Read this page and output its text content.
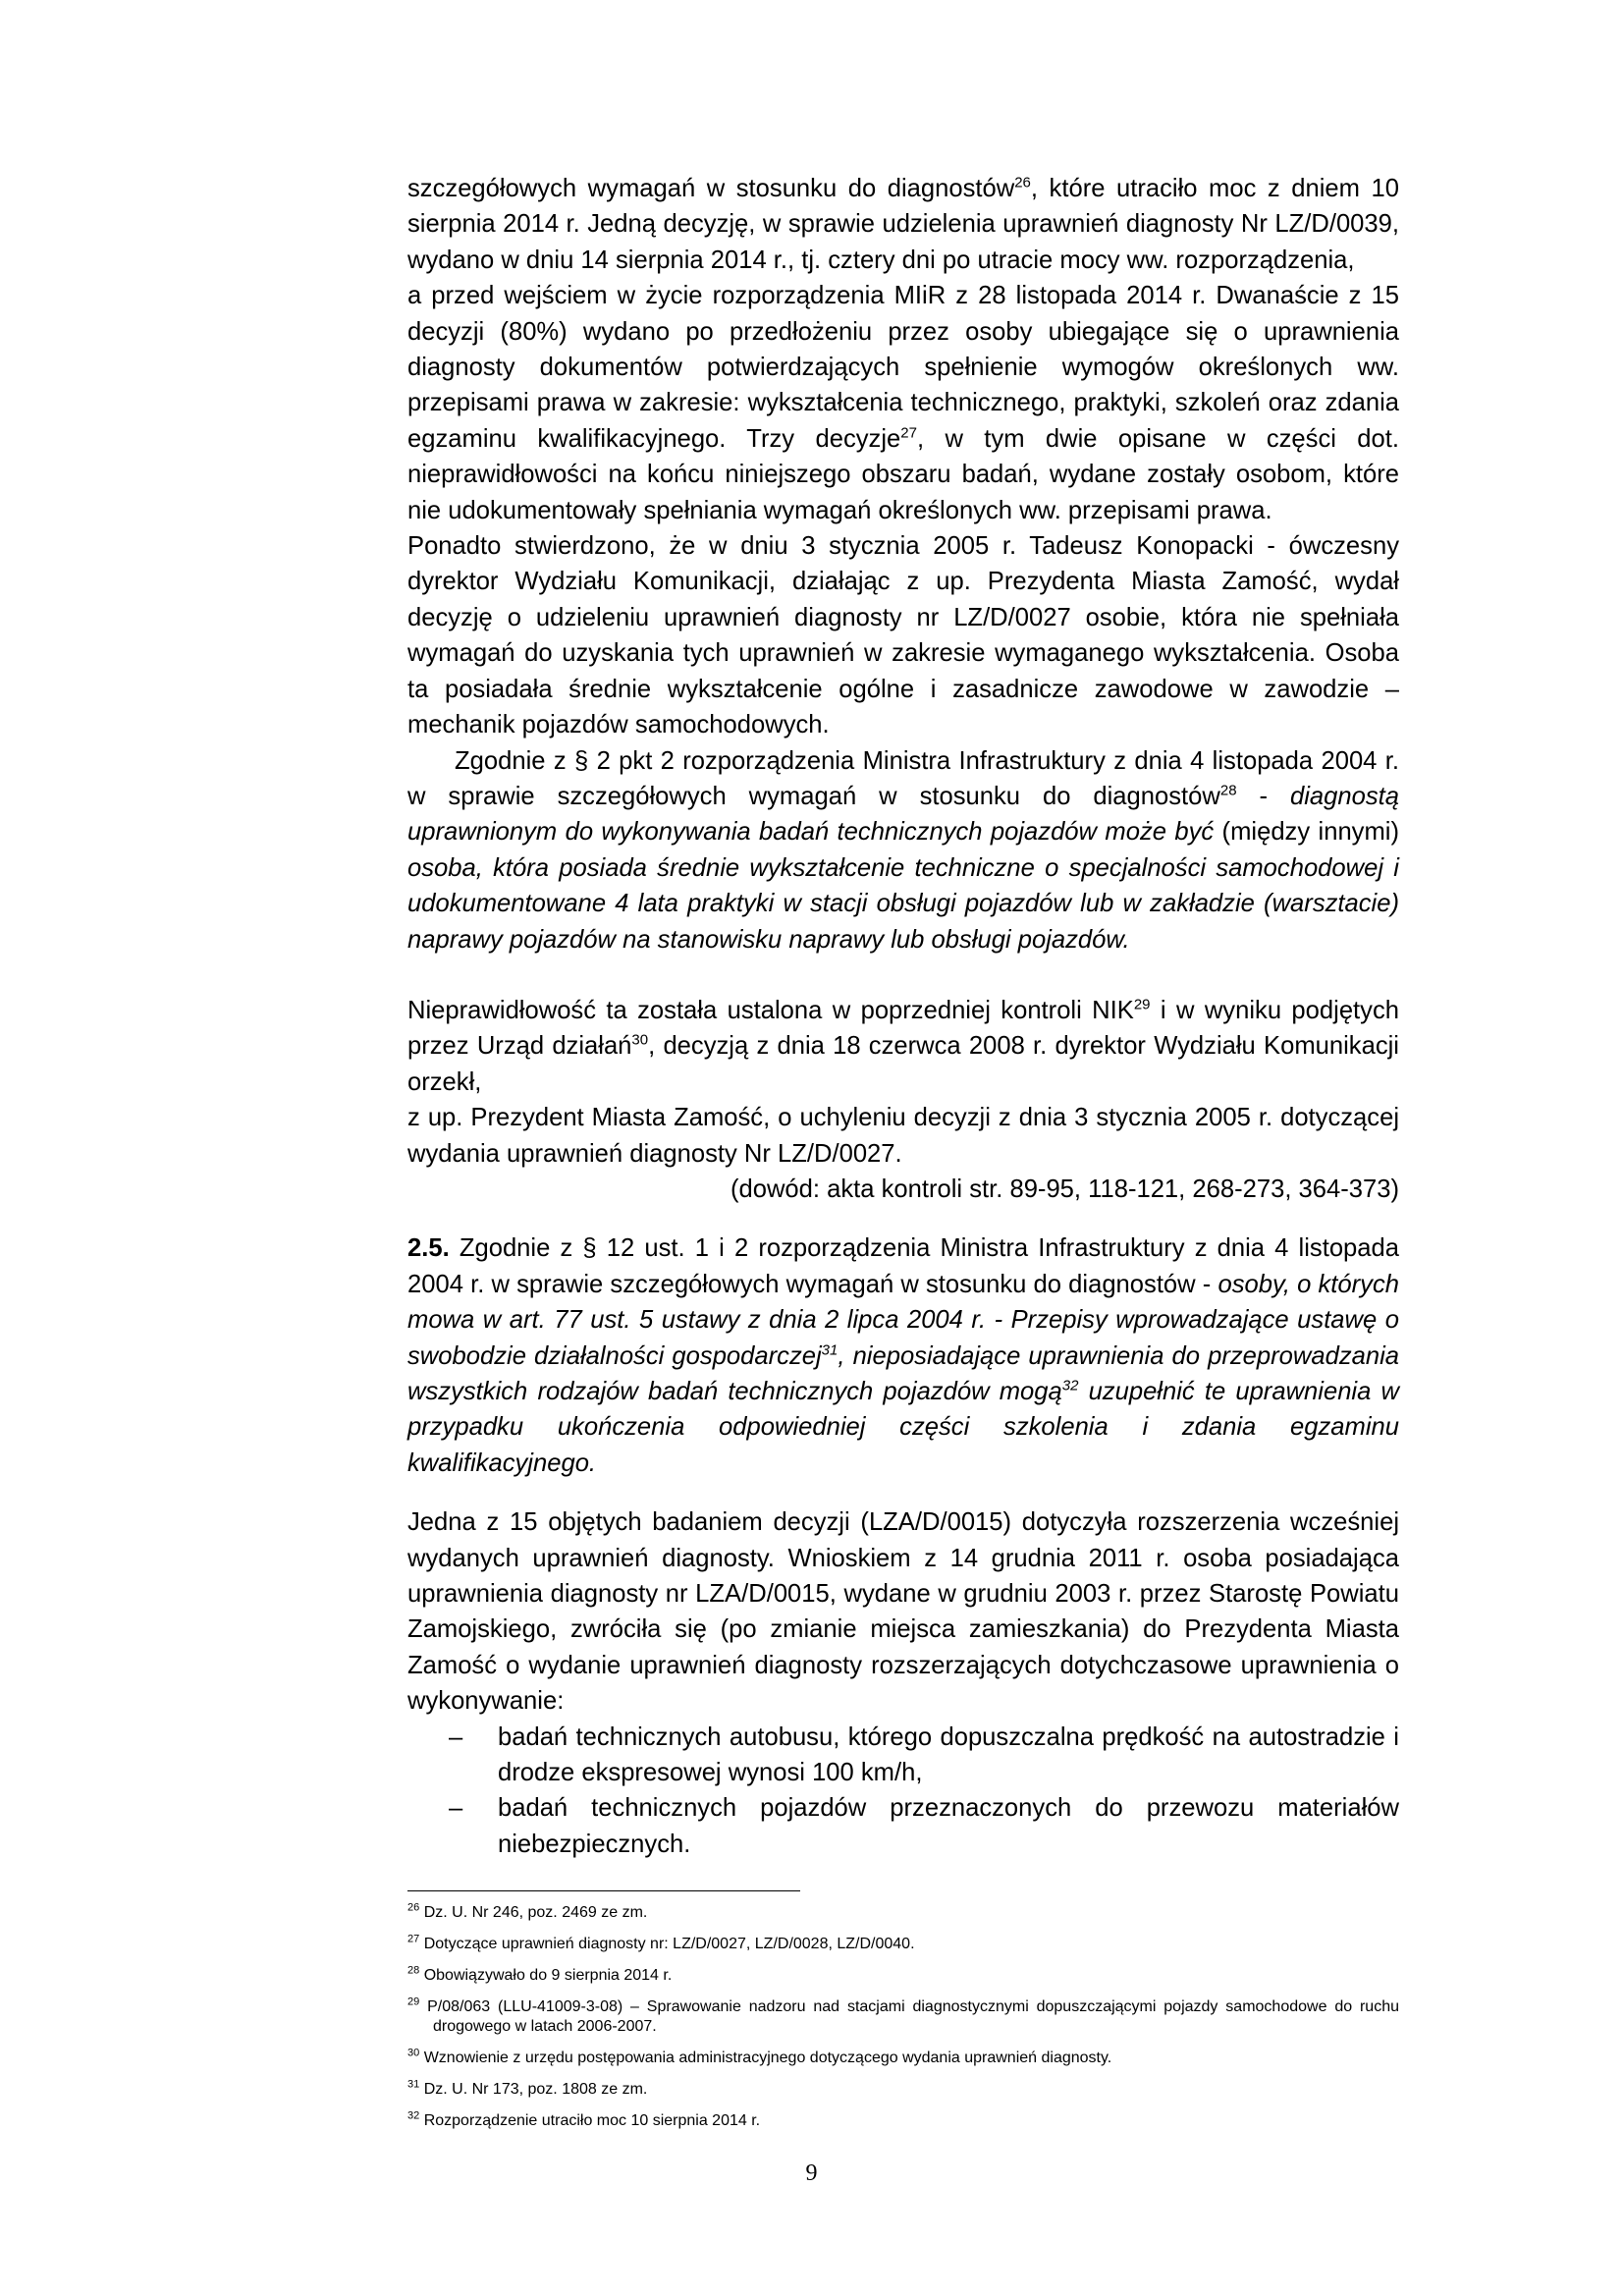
szczegółowych wymagań w stosunku do diagnostów$^{26}$, które utraciło moc z dniem 10 sierpnia 2014 r. Jedną decyzję, w sprawie udzielenia uprawnień diagnosty Nr LZ/D/0039, wydano w dniu 14 sierpnia 2014 r., tj. cztery dni po utracie mocy ww. rozporządzenia,

a przed wejściem w życie rozporządzenia MIiR z 28 listopada 2014 r. Dwanaście z 15 decyzji (80%) wydano po przedłożeniu przez osoby ubiegające się o uprawnienia diagnosty dokumentów potwierdzających spełnienie wymogów określonych ww. przepisami prawa w zakresie: wykształcenia technicznego, praktyki, szkoleń oraz zdania egzaminu kwalifikacyjnego. Trzy decyzje$^{27}$, w tym dwie opisane w części dot. nieprawidłowości na końcu niniejszego obszaru badań, wydane zostały osobom, które nie udokumentowały spełniania wymagań określonych ww. przepisami prawa.

Ponadto stwierdzono, że w dniu 3 stycznia 2005 r. Tadeusz Konopacki - ówczesny dyrektor Wydziału Komunikacji, działając z up. Prezydenta Miasta Zamość, wydał decyzję o udzieleniu uprawnień diagnosty nr LZ/D/0027 osobie, która nie spełniała wymagań do uzyskania tych uprawnień w zakresie wymaganego wykształcenia. Osoba ta posiadała średnie wykształcenie ogólne i zasadnicze zawodowe w zawodzie – mechanik pojazdów samochodowych.

Zgodnie z § 2 pkt 2 rozporządzenia Ministra Infrastruktury z dnia 4 listopada 2004 r. w sprawie szczegółowych wymagań w stosunku do diagnostów$^{28}$ - diagnostą uprawnionym do wykonywania badań technicznych pojazdów może być (między innymi) osoba, która posiada średnie wykształcenie techniczne o specjalności samochodowej i udokumentowane 4 lata praktyki w stacji obsługi pojazdów lub w zakładzie (warsztacie) naprawy pojazdów na stanowisku naprawy lub obsługi pojazdów.

Nieprawidłowość ta została ustalona w poprzedniej kontroli NIK$^{29}$ i w wyniku podjętych przez Urząd działań$^{30}$, decyzją z dnia 18 czerwca 2008 r. dyrektor Wydziału Komunikacji orzekł,

z up. Prezydent Miasta Zamość, o uchyleniu decyzji z dnia 3 stycznia 2005 r. dotyczącej wydania uprawnień diagnosty Nr LZ/D/0027.

(dowód: akta kontroli str. 89-95, 118-121, 268-273, 364-373)

2.5. Zgodnie z § 12 ust. 1 i 2 rozporządzenia Ministra Infrastruktury z dnia 4 listopada 2004 r. w sprawie szczegółowych wymagań w stosunku do diagnostów - osoby, o których mowa w art. 77 ust. 5 ustawy z dnia 2 lipca 2004 r. - Przepisy wprowadzające ustawę o swobodzie działalności gospodarczej$^{31}$, nieposiadające uprawnienia do przeprowadzania wszystkich rodzajów badań technicznych pojazdów mogą$^{32}$ uzupełnić te uprawnienia w przypadku ukończenia odpowiedniej części szkolenia i zdania egzaminu kwalifikacyjnego.

Jedna z 15 objętych badaniem decyzji (LZA/D/0015) dotyczyła rozszerzenia wcześniej wydanych uprawnień diagnosty. Wnioskiem z 14 grudnia 2011 r. osoba posiadająca uprawnienia diagnosty nr LZA/D/0015, wydane w grudniu 2003 r. przez Starostę Powiatu Zamojskiego, zwróciła się (po zmianie miejsca zamieszkania) do Prezydenta Miasta Zamość o wydanie uprawnień diagnosty rozszerzających dotychczasowe uprawnienia o wykonywanie:

– badań technicznych autobusu, którego dopuszczalna prędkość na autostradzie i drodze ekspresowej wynosi 100 km/h,
– badań technicznych pojazdów przeznaczonych do przewozu materiałów niebezpiecznych.

$^{26}$ Dz. U. Nr 246, poz. 2469 ze zm.

$^{27}$ Dotyczące uprawnień diagnosty nr: LZ/D/0027, LZ/D/0028, LZ/D/0040.

$^{28}$ Obowiązywało do 9 sierpnia 2014 r.

$^{29}$ P/08/063 (LLU-41009-3-08) – Sprawowanie nadzoru nad stacjami diagnostycznymi dopuszczającymi pojazdy samochodowe do ruchu drogowego w latach 2006-2007.

$^{30}$ Wznowienie z urzędu postępowania administracyjnego dotyczącego wydania uprawnień diagnosty.

$^{31}$ Dz. U. Nr 173, poz. 1808 ze zm.

$^{32}$ Rozporządzenie utraciło moc 10 sierpnia 2014 r.

9
